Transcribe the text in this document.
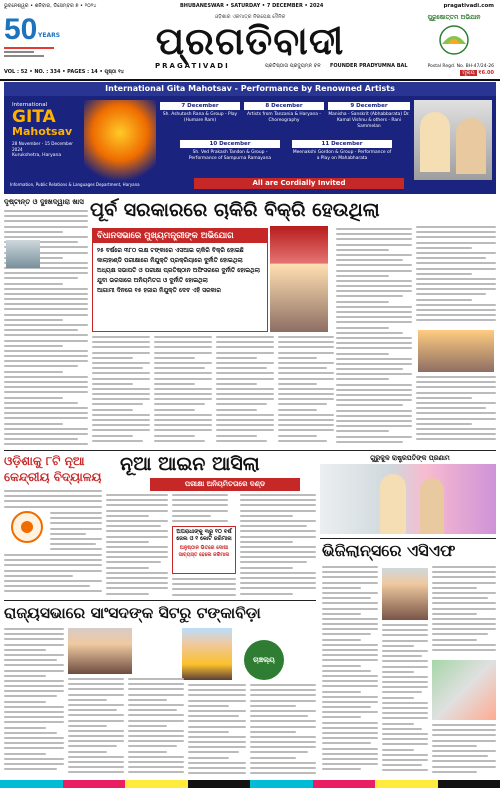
ଭୁବନେଶ୍ୱର • ଶନିବାର, ଡିସେମ୍ବର ୭ • ୨୦୨୪	BHUBANESWAR • SATURDAY • 7 DECEMBER • 2024	pragativadi.com
50 YEARS
ଓଡ଼ିଶାର ଏକମାତ୍ର ନିରପେକ୍ଷ ଦୈନିକ
ପ୍ରଗତିବାଦୀ
PRAGATIVADI	ପ୍ରତିଷ୍ଠାତା ପ୍ରଦ୍ୟୁମ୍ନ ବଳ FOUNDER PRADYUMNA BAL
ପୁରୁଷୋତ୍ତମ ଅଭିଯାନ
VOL : 52 • NO. : 334 • PAGES : 14 • ପୃଷ୍ଠା ୧୪
Postal Regd. No. BH-47/24-26
ମୂଲ୍ୟ ₹6.00
International Gita Mahotsav - Performance by Renowned Artists
International
GITA
Mahotsav
28 November - 15 December 2024
Kurukshetra, Haryana
7 December
Sh. Ashutosh Rana & Group - Play (Humare Ram)
8 December
Artists from Tanzania & Haryana - Choreography
9 December
Manisha - Sanskrit (Abhabbarata) Dr. Kamal Vishnu & others - Rani Sammelan
10 December
Sh. Ved Prakash Tandon & Group - Performance of Sampurna Ramayana
11 December
Meenakshi Gordon & Group - Performance of a Play on Mahabharata
All are Cordially Invited
Information, Public Relations & Languages Department, Haryana
ଦୃଷ୍ଟାନ୍ତ ଓ ଦୁଃଖଦ୍ୱାରା ଖାସ ପୂର୍ବ ସରକାରରେ ଚାକିରି ବିକ୍ରି ହେଉଥିଲା
ବିଧାନସଭାରେ ମୁଖ୍ୟମନ୍ତ୍ରୀଙ୍କ ଅଭିଯୋଗ
୨୫ ବର୍ଷରେ ୩୮୦ ଲକ୍ଷ ଟଙ୍କାରେ ଏସଆଇ ଚାକିରି ବିକ୍ରି ହୋଇଛି
କାଲାହାଣ୍ଡି ପରୀକ୍ଷାରେ ନିଯୁକ୍ତି ପ୍ରକ୍ରିୟାରେ ଦୁର୍ନୀତି ହୋଇଥିଲା
ଅଧ୍ୟକ୍ଷ ସଭାପତି ଓ ପରୀକ୍ଷା ପ୍ରତିଷ୍ଠାନ ଅଫିସରରେ ଦୁର୍ନୀତି ହୋଇଥିଲା
ଯୁବା ଭରସାରେ ଅନିୟମିତତା ଓ ଦୁର୍ନୀତି ହୋଇଥିଲା
ଆଗାମୀ ଦିନରେ ୧୫ ହଜାର ନିଯୁକ୍ତି ଦେବ ଏହି ସରକାର
ଓଡ଼ିଶାକୁ ୮ଟି ନୂଆ
କେନ୍ଦ୍ରୀୟ ବିଦ୍ୟାଳୟ
ନୂଆ ଆଇନ ଆସିଲା
ପରୀକ୍ଷା ଅନିୟମିତତାରେ ଦଣ୍ଡ
ଗୁରୁକୁଳ ରାଷ୍ଟ୍ରପତିଙ୍କ ପ୍ରଣାମ
ଅପରାଧୀଙ୍କୁ ୩ରୁ ୧୦ ବର୍ଷ ଜେଲ ଓ ୧ କୋଟି ଜରିମାନା
ଅନୁଷ୍ଠାନ ଭିତରେ ଦୋଷୀ ସାବ୍ୟସ୍ତ ହେଲେ ଜରିମାନା	ଭିଜିଲାନ୍ସରେ ଏସିଏଫ
ରାଜ୍ୟସଭାରେ ସାଂସଦଙ୍କ ସିଟରୁ ଟଙ୍କାବିଡ଼ା
ଚାଞ୍ଚଲ୍ୟ
